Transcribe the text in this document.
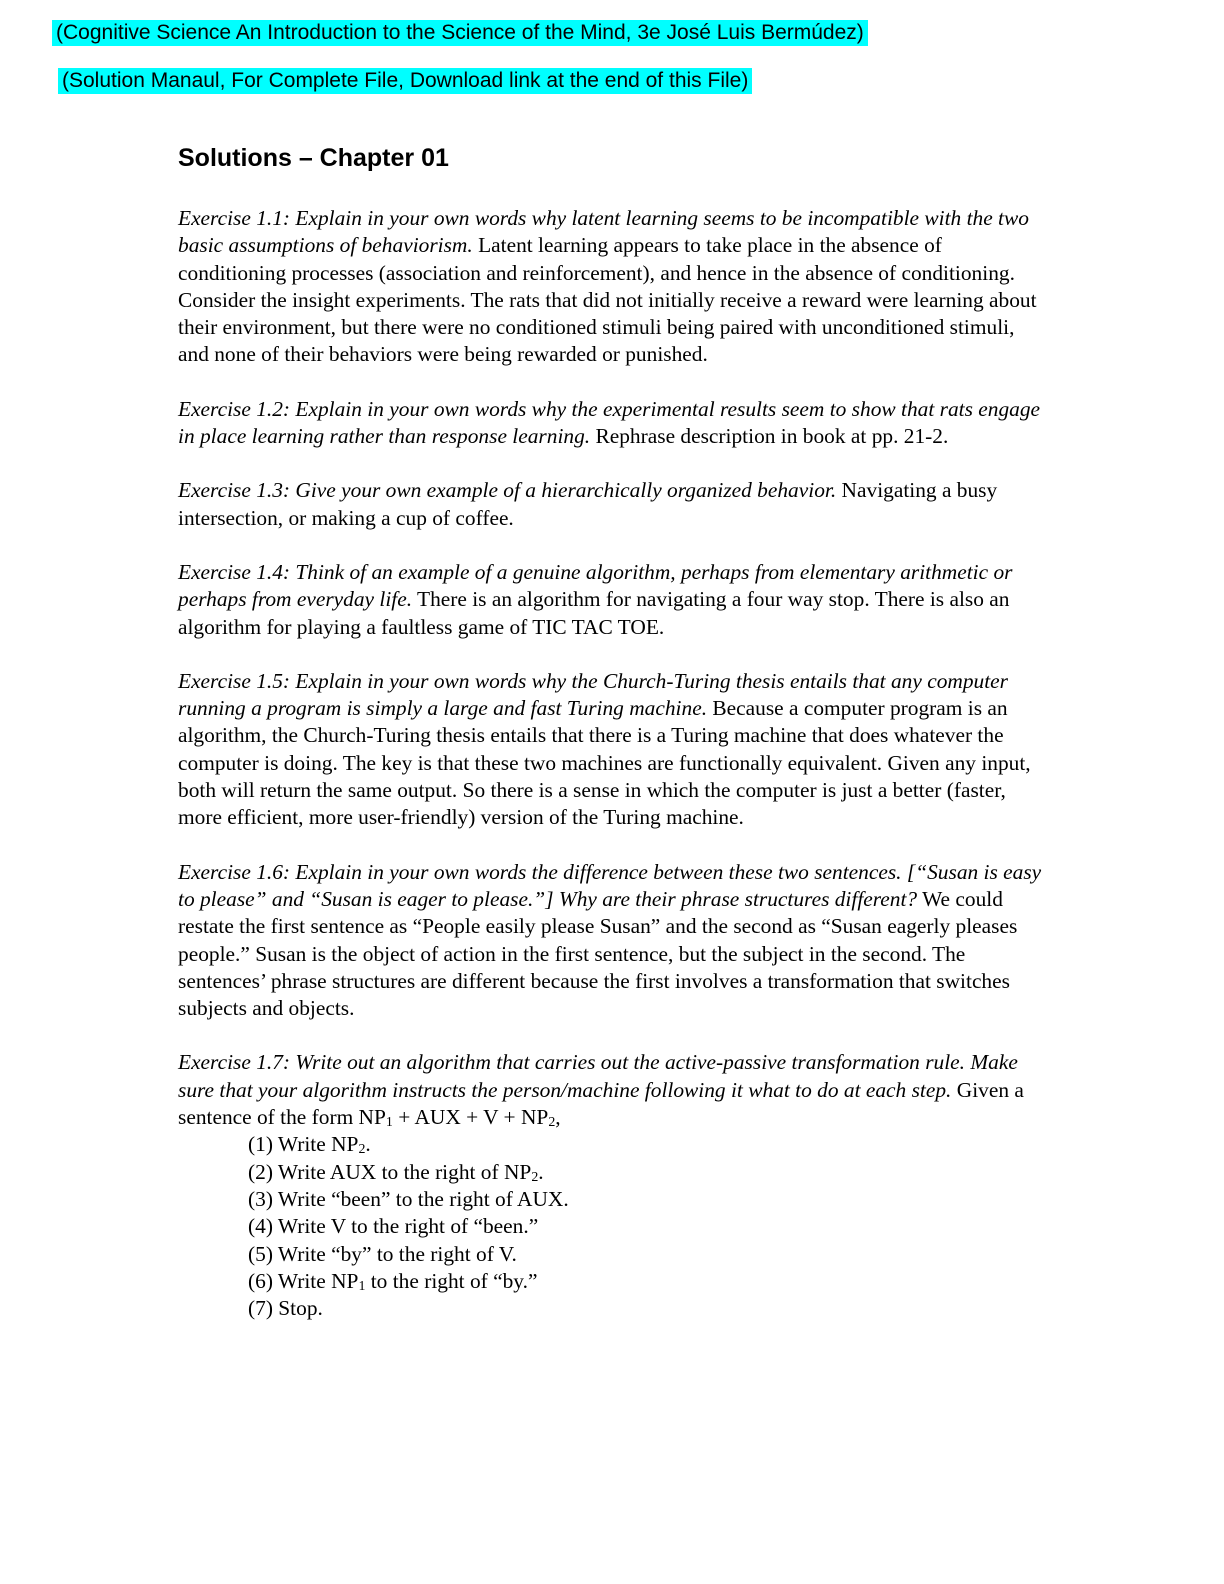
(Cognitive Science An Introduction to the Science of the Mind, 3e José Luis Bermúdez)
(Solution Manaul, For Complete File, Download link at the end of this File)
Solutions – Chapter 01

Exercise 1.1: Explain in your own words why latent learning seems to be incompatible with the two basic assumptions of behaviorism. Latent learning appears to take place in the absence of conditioning processes (association and reinforcement), and hence in the absence of conditioning. Consider the insight experiments. The rats that did not initially receive a reward were learning about their environment, but there were no conditioned stimuli being paired with unconditioned stimuli, and none of their behaviors were being rewarded or punished.

Exercise 1.2: Explain in your own words why the experimental results seem to show that rats engage in place learning rather than response learning. Rephrase description in book at pp. 21-2.

Exercise 1.3: Give your own example of a hierarchically organized behavior. Navigating a busy intersection, or making a cup of coffee.

Exercise 1.4: Think of an example of a genuine algorithm, perhaps from elementary arithmetic or perhaps from everyday life. There is an algorithm for navigating a four way stop. There is also an algorithm for playing a faultless game of TIC TAC TOE.

Exercise 1.5: Explain in your own words why the Church-Turing thesis entails that any computer running a program is simply a large and fast Turing machine. Because a computer program is an algorithm, the Church-Turing thesis entails that there is a Turing machine that does whatever the computer is doing. The key is that these two machines are functionally equivalent. Given any input, both will return the same output. So there is a sense in which the computer is just a better (faster, more efficient, more user-friendly) version of the Turing machine.

Exercise 1.6: Explain in your own words the difference between these two sentences. [“Susan is easy to please” and “Susan is eager to please.”] Why are their phrase structures different? We could restate the first sentence as “People easily please Susan” and the second as “Susan eagerly pleases people.” Susan is the object of action in the first sentence, but the subject in the second. The sentences’ phrase structures are different because the first involves a transformation that switches subjects and objects.

Exercise 1.7: Write out an algorithm that carries out the active-passive transformation rule. Make sure that your algorithm instructs the person/machine following it what to do at each step. Given a sentence of the form $NP_1$ + AUX + $V + NP_2$,

(1) Write $NP_2$.
(2) Write AUX to the right of $NP_2$.
(3) Write “been” to the right of AUX.
(4) Write V to the right of “been.”
(5) Write “by” to the right of V.
(6) Write $NP_1$ to the right of “by.”
(7) Stop.
